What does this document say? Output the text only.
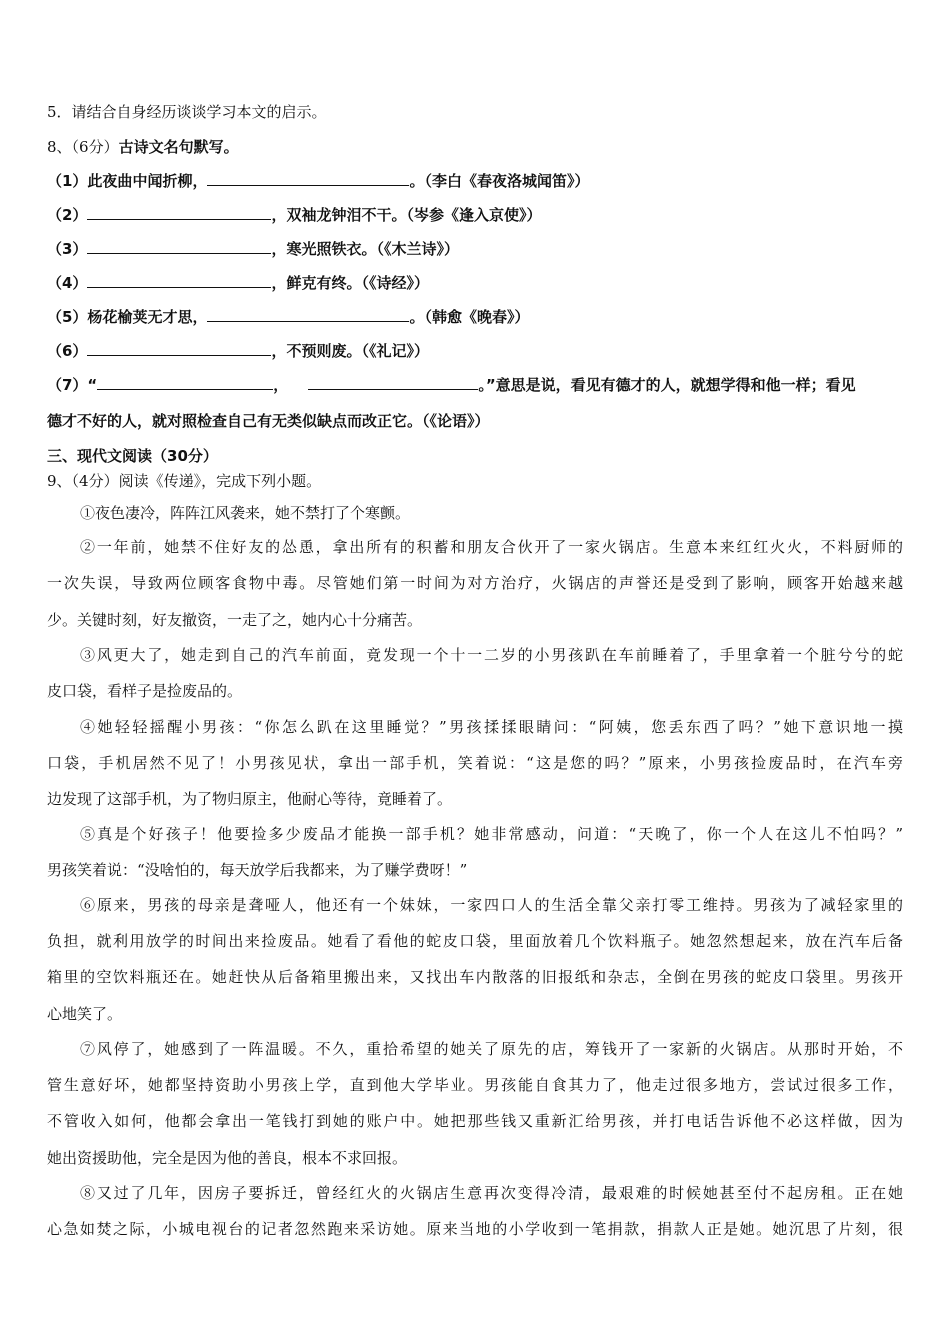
5．请结合自身经历谈谈学习本文的启示。
8、（6分）古诗文名句默写。
（1）此夜曲中闻折柳，	。（李白《春夜洛城闻笛》）
（2）	，双袖龙钟泪不干。（岑参《逢入京使》）
（3）	，寒光照铁衣。（《木兰诗》）
（4）	，鲜克有终。（《诗经》）
（5）杨花榆荚无才思，	。（韩愈《晚春》）
（6）	，不预则废。（《礼记》）
（7）“	，	。”意思是说，看见有德才的人，就想学得和他一样；看见
德才不好的人，就对照检查自己有无类似缺点而改正它。（《论语》）
三、现代文阅读（30分）
9、（4分）阅读《传递》，完成下列小题。
①夜色凄冷，阵阵江风袭来，她不禁打了个寒颤。
②一年前，她禁不住好友的怂恿，拿出所有的积蓄和朋友合伙开了一家火锅店。生意本来红红火火，不料厨师的
一次失误，导致两位顾客食物中毒。尽管她们第一时间为对方治疗，火锅店的声誉还是受到了影响，顾客开始越来越
少。关键时刻，好友撤资，一走了之，她内心十分痛苦。
③风更大了，她走到自己的汽车前面，竟发现一个十一二岁的小男孩趴在车前睡着了，手里拿着一个脏兮兮的蛇
皮口袋，看样子是捡废品的。
④她轻轻摇醒小男孩：“你怎么趴在这里睡觉？”男孩揉揉眼睛问：“阿姨，您丢东西了吗？”她下意识地一摸
口袋，手机居然不见了！小男孩见状，拿出一部手机，笑着说：“这是您的吗？”原来，小男孩捡废品时，在汽车旁
边发现了这部手机，为了物归原主，他耐心等待，竟睡着了。
⑤真是个好孩子！他要捡多少废品才能换一部手机？她非常感动，问道：“天晚了，你一个人在这儿不怕吗？”
男孩笑着说：“没啥怕的，每天放学后我都来，为了赚学费呀！”
⑥原来，男孩的母亲是聋哑人，他还有一个妹妹，一家四口人的生活全靠父亲打零工维持。男孩为了减轻家里的
负担，就利用放学的时间出来捡废品。她看了看他的蛇皮口袋，里面放着几个饮料瓶子。她忽然想起来，放在汽车后备
箱里的空饮料瓶还在。她赶快从后备箱里搬出来，又找出车内散落的旧报纸和杂志，全倒在男孩的蛇皮口袋里。男孩开
心地笑了。
⑦风停了，她感到了一阵温暖。不久，重拾希望的她关了原先的店，筹钱开了一家新的火锅店。从那时开始，不
管生意好坏，她都坚持资助小男孩上学，直到他大学毕业。男孩能自食其力了，他走过很多地方，尝试过很多工作，
不管收入如何，他都会拿出一笔钱打到她的账户中。她把那些钱又重新汇给男孩，并打电话告诉他不必这样做，因为
她出资援助他，完全是因为他的善良，根本不求回报。
⑧又过了几年，因房子要拆迁，曾经红火的火锅店生意再次变得冷清，最艰难的时候她甚至付不起房租。正在她
心急如焚之际，小城电视台的记者忽然跑来采访她。原来当地的小学收到一笔捐款，捐款人正是她。她沉思了片刻，很
